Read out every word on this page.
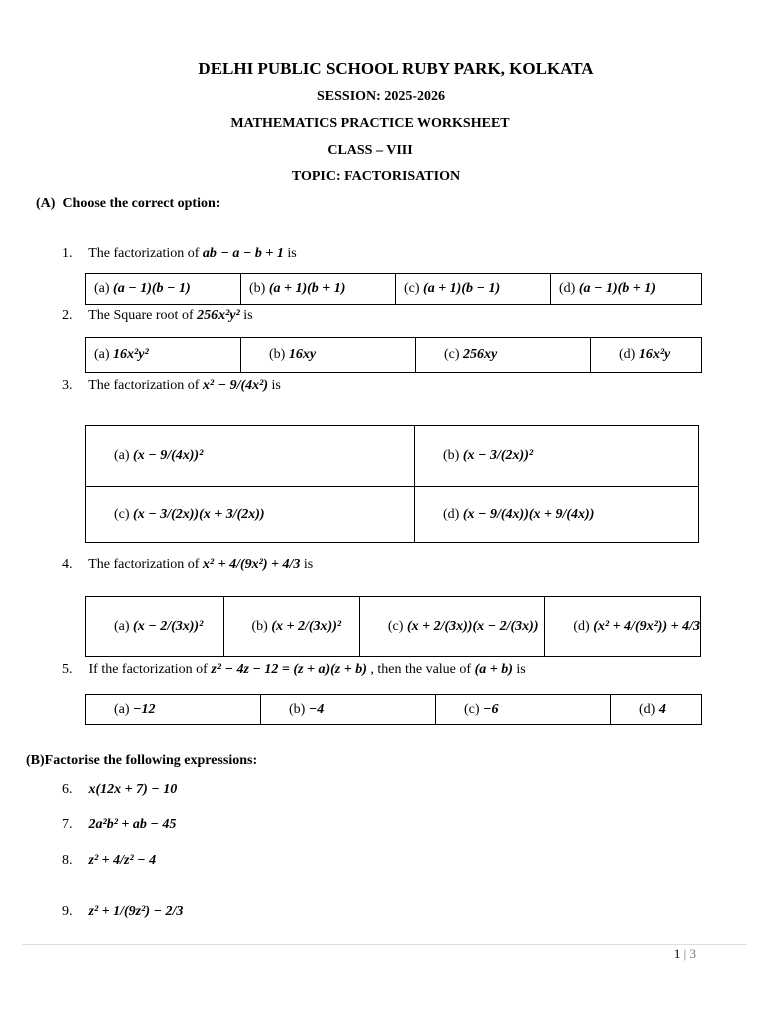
DELHI PUBLIC SCHOOL RUBY PARK, KOLKATA
SESSION: 2025-2026
MATHEMATICS PRACTICE WORKSHEET
CLASS – VIII
TOPIC: FACTORISATION
(A) Choose the correct option:
1. The factorization of ab − a − b + 1 is
(a) (a − 1)(b − 1)	(b) (a + 1)(b + 1)	(c) (a + 1)(b − 1)	(d) (a − 1)(b + 1)
2. The Square root of 256x²y² is
(a) 16x²y²	(b) 16xy	(c) 256xy	(d) 16x²y
3. The factorization of x² − 9/(4x²) is
(a) (x − 9/(4x))²	(b) (x − 3/(2x))²
(c) (x − 3/(2x))(x + 3/(2x))	(d) (x − 9/(4x))(x + 9/(4x))
4. The factorization of x² + 4/(9x²) + 4/3 is
(a) (x − 2/(3x))²	(b) (x + 2/(3x))²	(c) (x + 2/(3x))(x − 2/(3x))	(d) (x² + 4/(9x²)) + 4/3
5. If the factorization of z² − 4z − 12 = (z + a)(z + b) , then the value of (a + b) is
(a) −12	(b) −4	(c) −6	(d) 4
(B)Factorise the following expressions:
6. x(12x + 7) − 10
7. 2a²b² + ab − 45
8. z² + 4/z² − 4
9. z² + 1/(9z²) − 2/3
1 | 3
